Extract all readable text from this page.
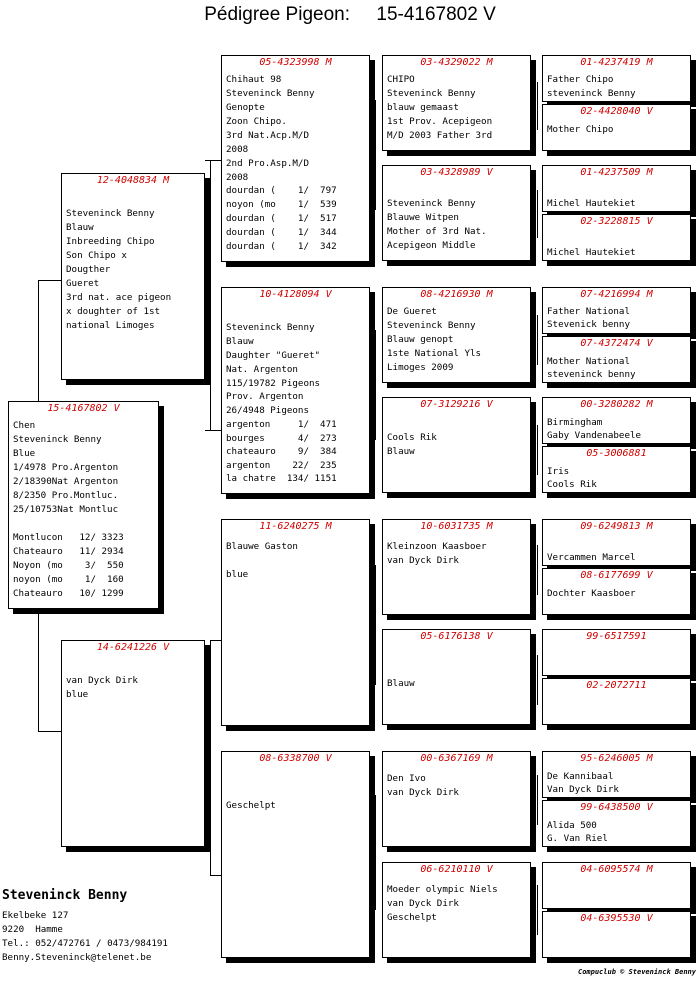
Pédigree Pigeon:     15-4167802 V
15-4167802 V
Chen
Steveninck Benny
Blue
1/4978 Pro.Argenton
2/18390Nat Argenton
8/2350 Pro.Montluc.
25/10753Nat Montluc
Montlucon   12/ 3323
Chateauro   11/ 2934
Noyon (mo    3/  550
noyon (mo    1/  160
Chateauro   10/ 1299
12-4048834 M
Steveninck Benny
Blauw
Inbreeding Chipo
Son Chipo x
Dougther
Gueret
3rd nat. ace pigeon
x doughter of 1st
national Limoges
14-6241226 V
van Dyck Dirk
blue
05-4323998 M
Chihaut 98
Steveninck Benny
Genopte
Zoon Chipo.
3rd Nat.Acp.M/D
2008
2nd Pro.Asp.M/D
2008
dourdan (    1/  797
noyon (mo    1/  539
dourdan (    1/  517
dourdan (    1/  344
dourdan (    1/  342
10-4128094 V
Steveninck Benny
Blauw
Daughter "Gueret"
Nat. Argenton
115/19782 Pigeons
Prov. Argenton
26/4948 Pigeons
argenton     1/  471
bourges      4/  273
chateauro    9/  384
argenton    22/  235
la chatre  134/ 1151
11-6240275 M
Blauwe Gaston
blue
08-6338700 V
Geschelpt
03-4329022 M
CHIPO
Steveninck Benny
blauw gemaast
1st Prov. Acepigeon
M/D 2003 Father 3rd
03-4328989 V
Steveninck Benny
Blauwe Witpen
Mother of 3rd Nat.
Acepigeon Middle
08-4216930 M
De Gueret
Steveninck Benny
Blauw genopt
1ste National Yls
Limoges 2009
07-3129216 V
Cools Rik
Blauw
10-6031735 M
Kleinzoon Kaasboer
van Dyck Dirk
05-6176138 V
Blauw
00-6367169 M
Den Ivo
van Dyck Dirk
06-6210110 V
Moeder olympic Niels
van Dyck Dirk
Geschelpt
01-4237419 M
Father Chipo
steveninck Benny
02-4428040 V
Mother Chipo
01-4237509 M
Michel Hautekiet
02-3228815 V
Michel Hautekiet
07-4216994 M
Father National
Stevenick benny
07-4372474 V
Mother National
steveninck benny
00-3280282 M
Birmingham
Gaby Vandenabeele
05-3006881
Iris
Cools Rik
09-6249813 M
Vercammen Marcel
08-6177699 V
Dochter Kaasboer
99-6517591
02-2072711
95-6246005 M
De Kannibaal
Van Dyck Dirk
99-6438500 V
Alida 500
G. Van Riel
04-6095574 M
04-6395530 V
Steveninck Benny
Ekelbeke 127
9220  Hamme
Tel.: 052/472761 / 0473/984191
Benny.Steveninck@telenet.be
Compuclub © Steveninck Benny
